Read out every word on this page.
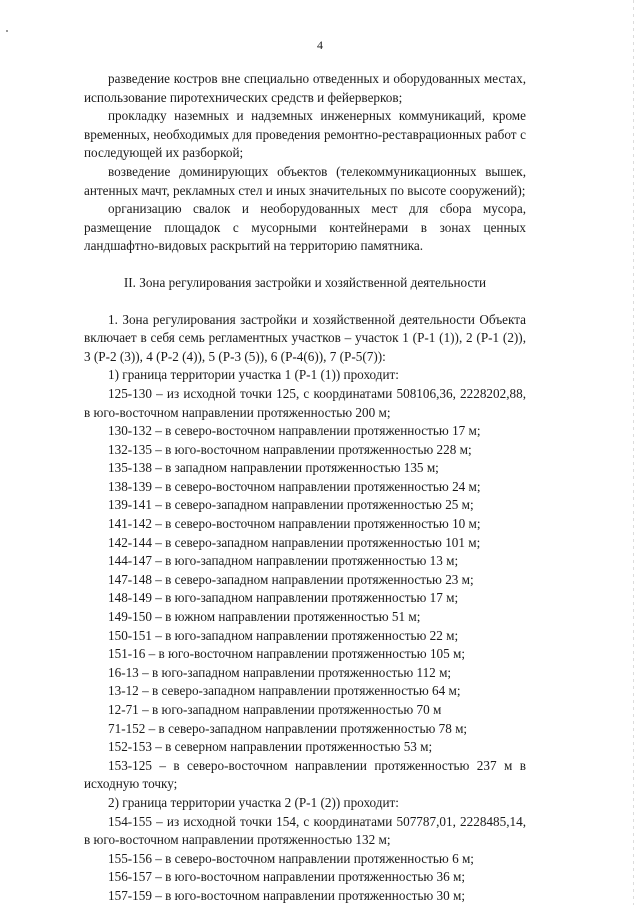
4

разведение костров вне специально отведенных и оборудованных местах, использование пиротехнических средств и фейерверков;

прокладку наземных и надземных инженерных коммуникаций, кроме временных, необходимых для проведения ремонтно-реставрационных работ с последующей их разборкой;

возведение доминирующих объектов (телекоммуникационных вышек, антенных мачт, рекламных стел и иных значительных по высоте сооружений);

организацию свалок и необорудованных мест для сбора мусора, размещение площадок с мусорными контейнерами в зонах ценных ландшафтно-видовых раскрытий на территорию памятника.

II. Зона регулирования застройки и хозяйственной деятельности

1. Зона регулирования застройки и хозяйственной деятельности Объекта включает в себя семь регламентных участков – участок 1 (Р-1 (1)), 2 (Р-1 (2)), 3 (Р-2 (3)), 4 (Р-2 (4)), 5 (Р-3 (5)), 6 (Р-4(6)), 7 (Р-5(7)):

1) граница территории участка 1 (Р-1 (1)) проходит:

125-130 – из исходной точки 125, с координатами 508106,36, 2228202,88, в юго-восточном направлении протяженностью 200 м;

130-132 – в северо-восточном направлении протяженностью 17 м;

132-135 – в юго-восточном направлении протяженностью 228 м;

135-138 – в западном направлении протяженностью 135 м;

138-139 – в северо-восточном направлении протяженностью 24 м;

139-141 – в северо-западном направлении протяженностью 25 м;

141-142 – в северо-восточном направлении протяженностью 10 м;

142-144 – в северо-западном направлении протяженностью 101 м;

144-147 – в юго-западном направлении протяженностью 13 м;

147-148 – в северо-западном направлении протяженностью 23 м;

148-149 – в юго-западном направлении протяженностью 17 м;

149-150 – в южном направлении протяженностью 51 м;

150-151 – в юго-западном направлении протяженностью 22 м;

151-16 – в юго-восточном направлении протяженностью 105 м;

16-13 – в юго-западном направлении протяженностью 112 м;

13-12 – в северо-западном направлении протяженностью 64 м;

12-71 – в юго-западном направлении протяженностью 70 м

71-152 – в северо-западном направлении протяженностью 78 м;

152-153 – в северном направлении протяженностью 53 м;

153-125 – в северо-восточном направлении протяженностью 237 м в исходную точку;

2) граница территории участка 2 (Р-1 (2)) проходит:

154-155 – из исходной точки 154, с координатами 507787,01, 2228485,14, в юго-восточном направлении протяженностью 132 м;

155-156 – в северо-восточном направлении протяженностью 6 м;

156-157 – в юго-восточном направлении протяженностью 36 м;

157-159 – в юго-восточном направлении протяженностью 30 м;
